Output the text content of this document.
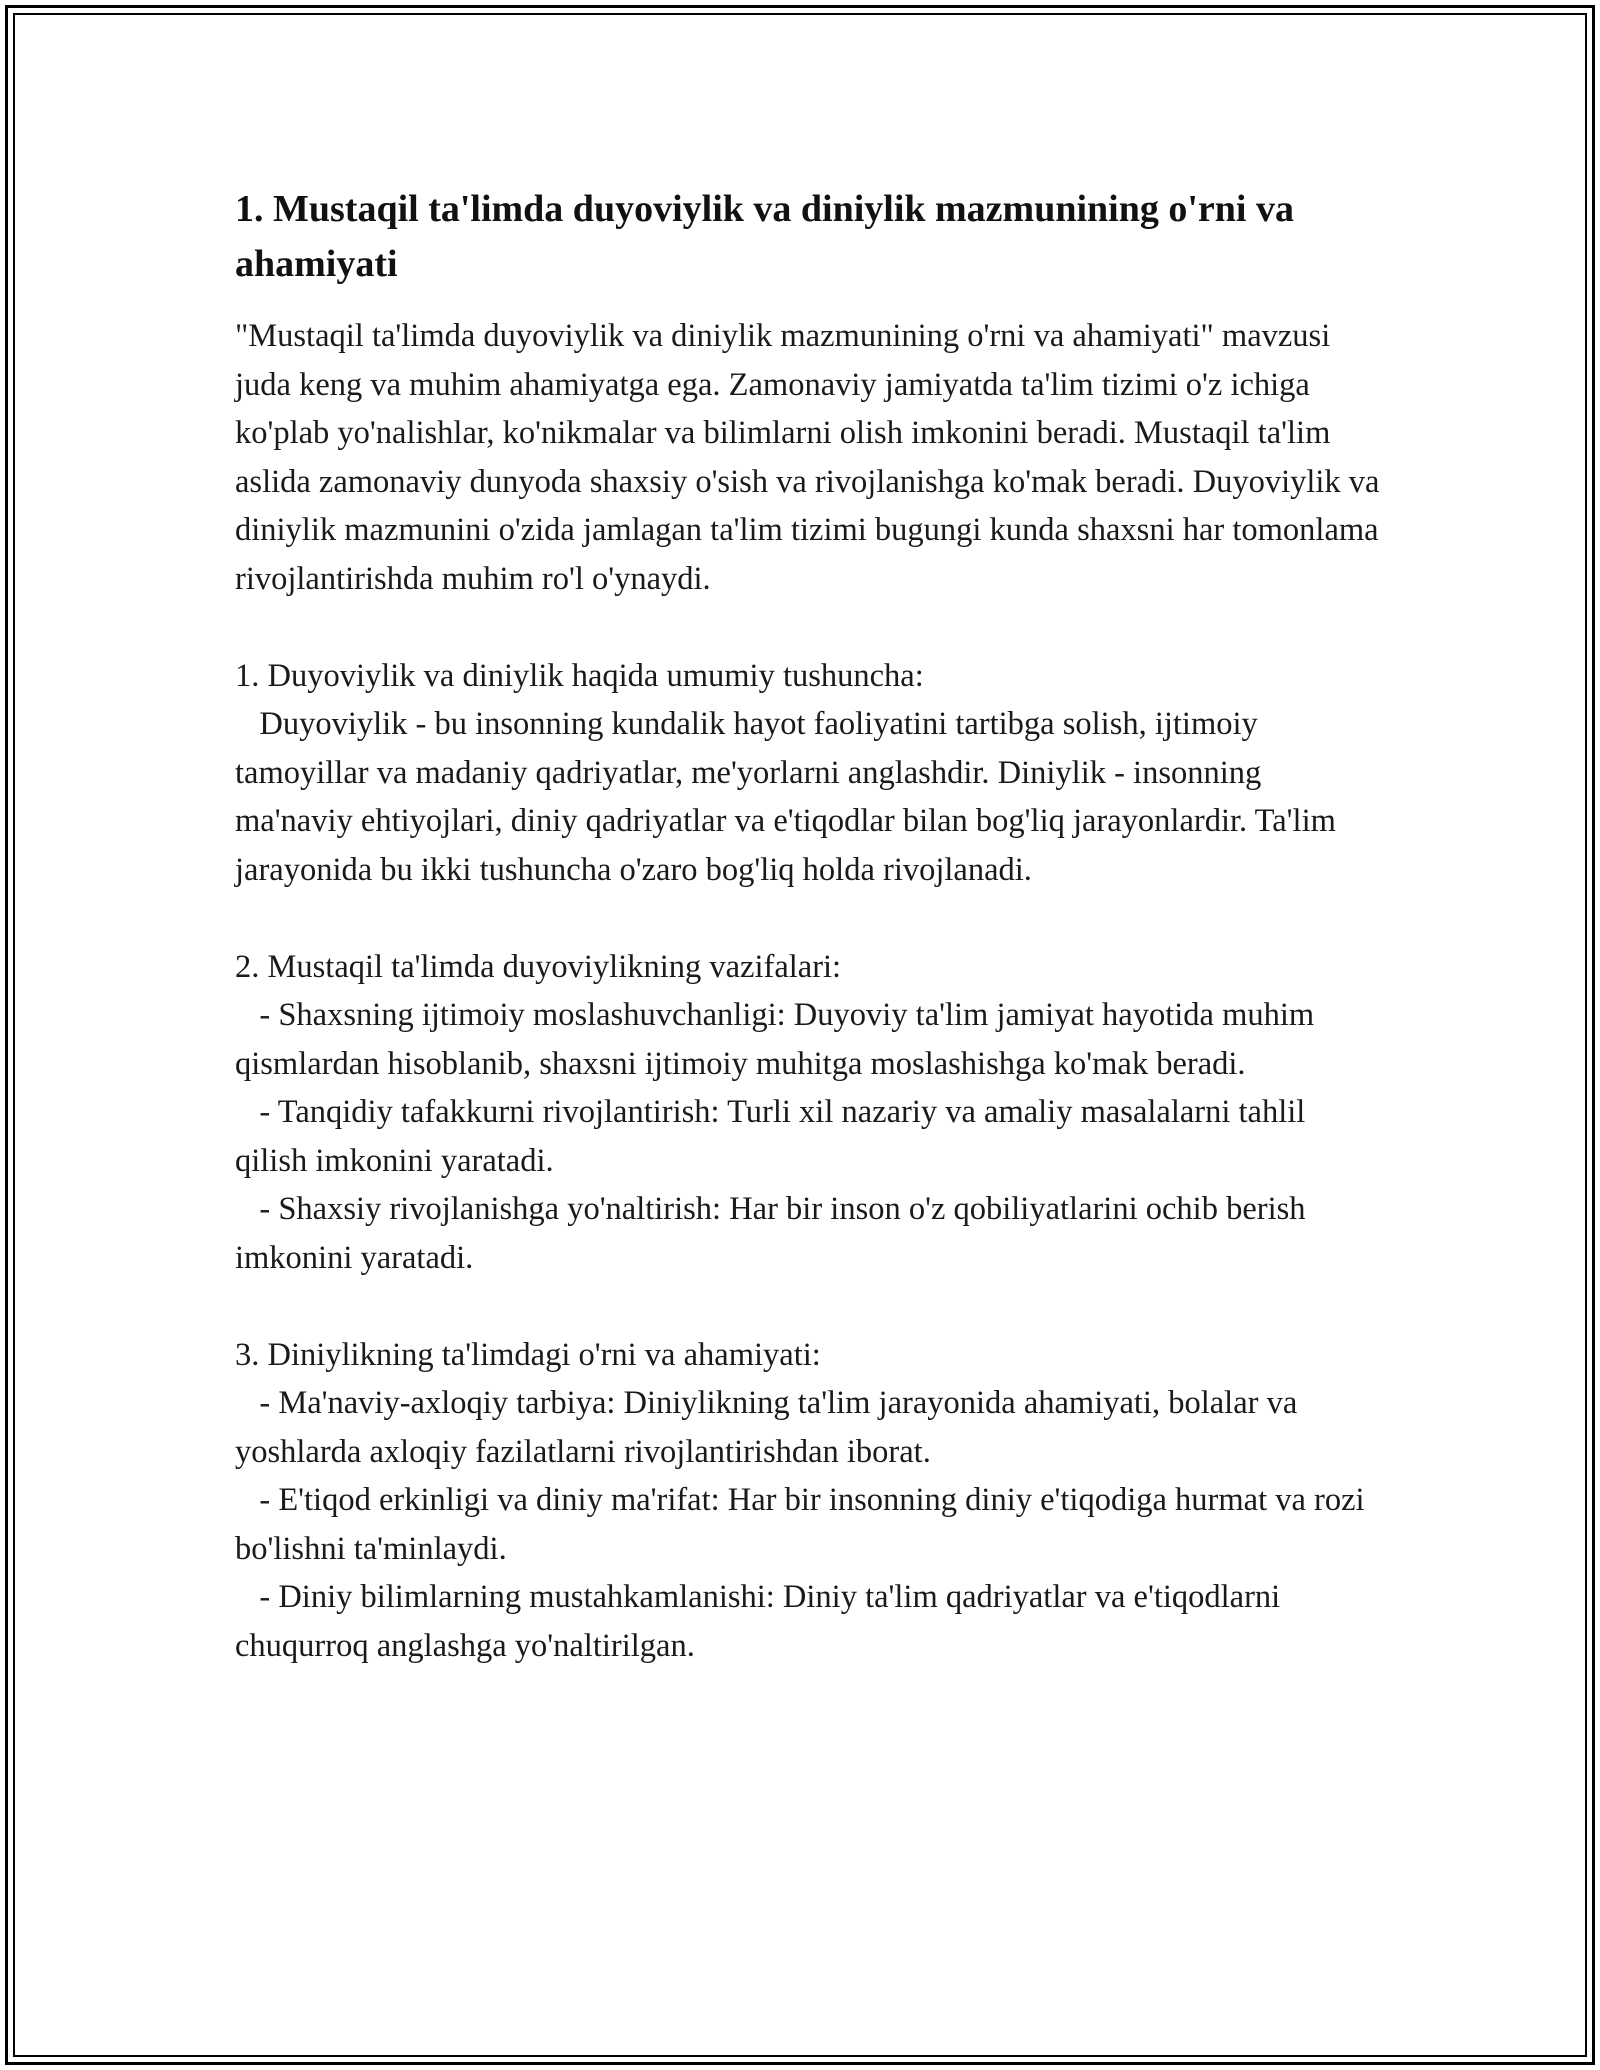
1. Mustaqil ta'limda duyoviylik va diniylik mazmunining o'rni va ahamiyati

"Mustaqil ta'limda duyoviylik va diniylik mazmunining o'rni va ahamiyati" mavzusi juda keng va muhim ahamiyatga ega. Zamonaviy jamiyatda ta'lim tizimi o'z ichiga ko'plab yo'nalishlar, ko'nikmalar va bilimlarni olish imkonini beradi. Mustaqil ta'lim aslida zamonaviy dunyoda shaxsiy o'sish va rivojlanishga ko'mak beradi. Duyoviylik va diniylik mazmunini o'zida jamlagan ta'lim tizimi bugungi kunda shaxsni har tomonlama rivojlantirishda muhim ro'l o'ynaydi.

1. Duyoviylik va diniylik haqida umumiy tushuncha:
Duyoviylik - bu insonning kundalik hayot faoliyatini tartibga solish, ijtimoiy tamoyillar va madaniy qadriyatlar, me'yorlarni anglashdir. Diniylik - insonning ma'naviy ehtiyojlari, diniy qadriyatlar va e'tiqodlar bilan bog'liq jarayonlardir. Ta'lim jarayonida bu ikki tushuncha o'zaro bog'liq holda rivojlanadi.
2. Mustaqil ta'limda duyoviylikning vazifalari:
- Shaxsning ijtimoiy moslashuvchanligi: Duyoviy ta'lim jamiyat hayotida muhim qismlardan hisoblanib, shaxsni ijtimoiy muhitga moslashishga ko'mak beradi.
- Tanqidiy tafakkurni rivojlantirish: Turli xil nazariy va amaliy masalalarni tahlil qilish imkonini yaratadi.
- Shaxsiy rivojlanishga yo'naltirish: Har bir inson o'z qobiliyatlarini ochib berish imkonini yaratadi.
3. Diniylikning ta'limdagi o'rni va ahamiyati:
- Ma'naviy-axloqiy tarbiya: Diniylikning ta'lim jarayonida ahamiyati, bolalar va yoshlarda axloqiy fazilatlarni rivojlantirishdan iborat.
- E'tiqod erkinligi va diniy ma'rifat: Har bir insonning diniy e'tiqodiga hurmat va rozi bo'lishni ta'minlaydi.
- Diniy bilimlarning mustahkamlanishi: Diniy ta'lim qadriyatlar va e'tiqodlarni chuqurroq anglashga yo'naltirilgan.
